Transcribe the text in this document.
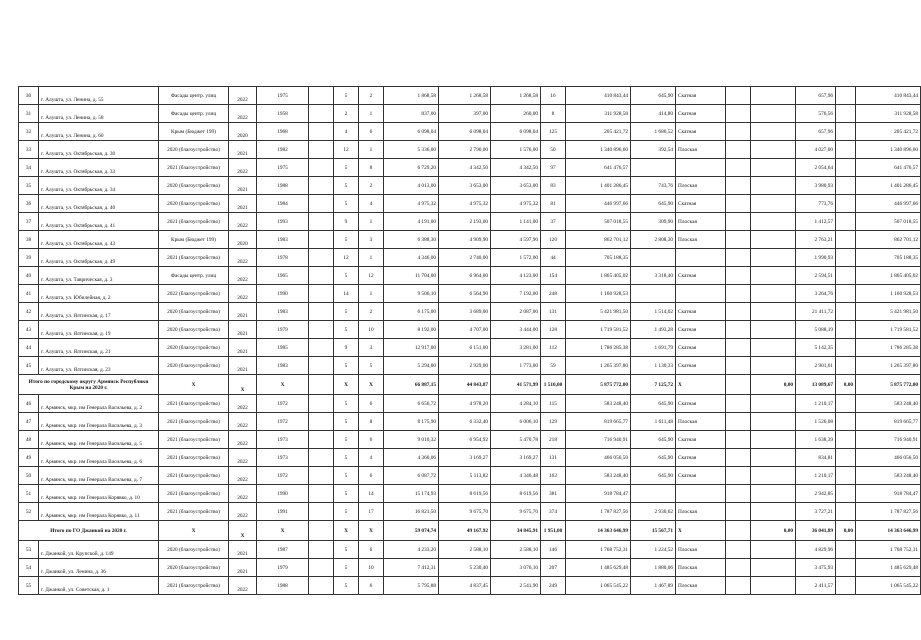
30	г. Алушта, ул. Ленина, д. 55	Фасады центр. улиц	2022	1975		5	2	1 868,58	1 268,58	1 268,58	16	410 843,44	645,90	Скатная			657,96		410 843,44
31	г. Алушта, ул. Ленина, д. 58	Фасады центр. улиц	2022	1958		2	1	837,00	397,00	260,00	8	311 928,58	414,80	Скатная			576,56		311 928,58
32	г. Алушта, ул. Ленина, д. 60	Крым (Бюджет 199)	2020	1968		4	6	6 098,04	6 098,04	6 098,04	125	205 421,72	1 680,52	Скатная			657,96		205 421,72
33	г. Алушта, ул. Октябрьская, д. 30	2020 (благоустройство)	2021	1982		12	1	5 336,00	2 790,00	1 576,00	50	1 340 896,60	392,54	Плоская			4 027,00		1 340 896,60
34	г. Алушта, ул. Октябрьская, д. 33	2021 (благоустройство)	2022	1975		5	8	6 729,20	4 342,50	4 342,50	97	641 476,57					2 054,64		641 476,57
35	г. Алушта, ул. Октябрьская, д. 34	2020 (благоустройство)	2021	1988		5	2	4 013,00	3 653,00	3 653,00	83	1 401 286,45	743,76	Плоская			3 980,93		1 401 286,45
36	г. Алушта, ул. Октябрьская, д. 40	2020 (благоустройство)	2021	1984		5	4	4 975,32	4 975,32	4 975,32	81	446 997,66	645,90	Скатная			773,76		446 997,66
37	г. Алушта, ул. Октябрьская, д. 41	2021 (благоустройство)	2022	1993		9	1	4 191,00	2 193,00	1 141,00	37	507 018,55	309,90	Плоская			1 412,57		507 018,55
38	г. Алушта, ул. Октябрьская, д. 43	Крым (Бюджет 199)	2020	1983		5	3	6 388,30	4 909,90	4 597,90	120	862 701,12	2 808,30	Плоская			2 763,21		862 701,12
39	г. Алушта, ул. Октябрьская, д. 49	2021 (благоустройство)	2022	1978		12	1	4 346,00	2 740,00	1 572,00	44	705 188,35					1 990,93		705 188,35
40	г. Алушта, ул. Таврическая, д. 3	Фасады центр. улиц	2022	1965		5	12	11 704,00	6 964,00	4 123,00	154	1 865 405,02	3 318,40	Скатная			2 594,51		1 865 405,02
41	г. Алушта, ул. Юбилейная, д. 2	2022 (благоустройство)	2022	1990		14	1	9 506,10	6 564,90	7 192,00	248	1 160 928,53					3 264,76		1 160 928,53
42	г. Алушта, ул. Ялтинская, д. 17	2020 (благоустройство)	2021	1983		5	2	6 175,00	3 689,00	2 087,00	131	5 421 981,50	1 514,02	Скатная			21 411,72		5 421 981,50
43	г. Алушта, ул. Ялтинская, д. 19	2020 (благоустройство)	2021	1979		5	10	8 192,00	4 707,00	3 444,00	128	1 719 581,52	1 493,28	Скатная			5 088,19		1 719 581,52
44	г. Алушта, ул. Ялтинская, д. 21	2020 (благоустройство)	2021	1985		9	3	12 917,00	6 151,00	3 281,00	112	1 786 285,38	1 691,79	Скатная			5 142,35		1 786 285,38
45	г. Алушта, ул. Ялтинская, д. 23	2020 (благоустройство)	2021	1983		5	5	5 294,00	2 929,00	1 773,00	59	1 265 397,80	1 130,33	Скатная			2 901,61		1 265 397,80
Итого по городскому округу Армянск Республики Крым на 2020 г.		X	X	X		X	X	66 887,15	44 843,87	41 571,99	1 510,00	5 875 772,00	7 125,72	X		0,00	13 089,67	0,00	5 875 772,00
46	г. Армянск, мкр. им Генерала Васильева, д. 2	2021 (благоустройство)	2022	1972		5	6	6 656,72	4 978,20	4 284,10	115	583 248,40	645,90	Скатная			1 210,17		583 248,40
47	г. Армянск, мкр. им Генерала Васильева, д. 3	2021 (благоустройство)	2022	1972		5	8	8 175,90	6 332,40	6 006,10	129	819 665,77	1 611,48	Плоская			1 526,08		819 665,77
48	г. Армянск, мкр. им Генерала Васильева, д. 5	2021 (благоустройство)	2022	1973		5	6	9 010,32	6 954,92	5 470,78	218	716 940,91	645,90	Скатная			1 638,39		716 940,91
49	г. Армянск, мкр. им Генерала Васильева, д. 6	2021 (благоустройство)	2022	1973		5	4	4 360,06	3 169,27	3 169,27	131	466 056,50	645,90	Скатная			834,81		466 056,50
50	г. Армянск, мкр. им Генерала Васильева, д. 7	2021 (благоустройство)	2022	1972		5	6	6 087,72	5 113,82	4 346,48	162	583 248,40	645,90	Скатная			1 210,17		583 248,40
51	г. Армянск, мкр. им Генерала Корявко, д. 10	2021 (благоустройство)	2022	1990		5	14	15 174,93	8 619,56	8 619,56	381	918 784,47					2 942,85		918 784,47
52	г. Армянск, мкр. им Генерала Корявко, д. 11	2021 (благоустройство)	2022	1991		5	17	16 821,50	9 675,70	9 675,70	374	1 787 827,56	2 930,62	Плоская			3 727,21		1 787 827,56
Итого по ГО Джанкой на 2020 г.		X	X	X		X	X	59 074,74	49 167,92	34 845,91	1 951,00	14 363 646,99	15 567,71	X		0,00	36 041,89	0,00	14 363 646,99
53	г. Джанкой, ул. Крупской, д. 149	2020 (благоустройство)	2021	1987		5	6	4 233,20	2 588,10	2 588,10	146	1 768 752,31	1 224,52	Плоская			4 829,96		1 768 752,31
54	г. Джанкой, ул. Ленина, д. 36	2020 (благоустройство)	2021	1979		5	10	7 412,31	5 230,40	3 076,10	207	1 485 629,48	1 880,06	Плоская			3 475,93		1 485 629,48
55	г. Джанкой, ул. Советская, д. 1	2021 (благоустройство)	2022	1988		5	6	5 795,88	4 837,45	2 541,90	249	1 065 545,22	1 467,89	Плоская			2 411,57		1 065 545,22
